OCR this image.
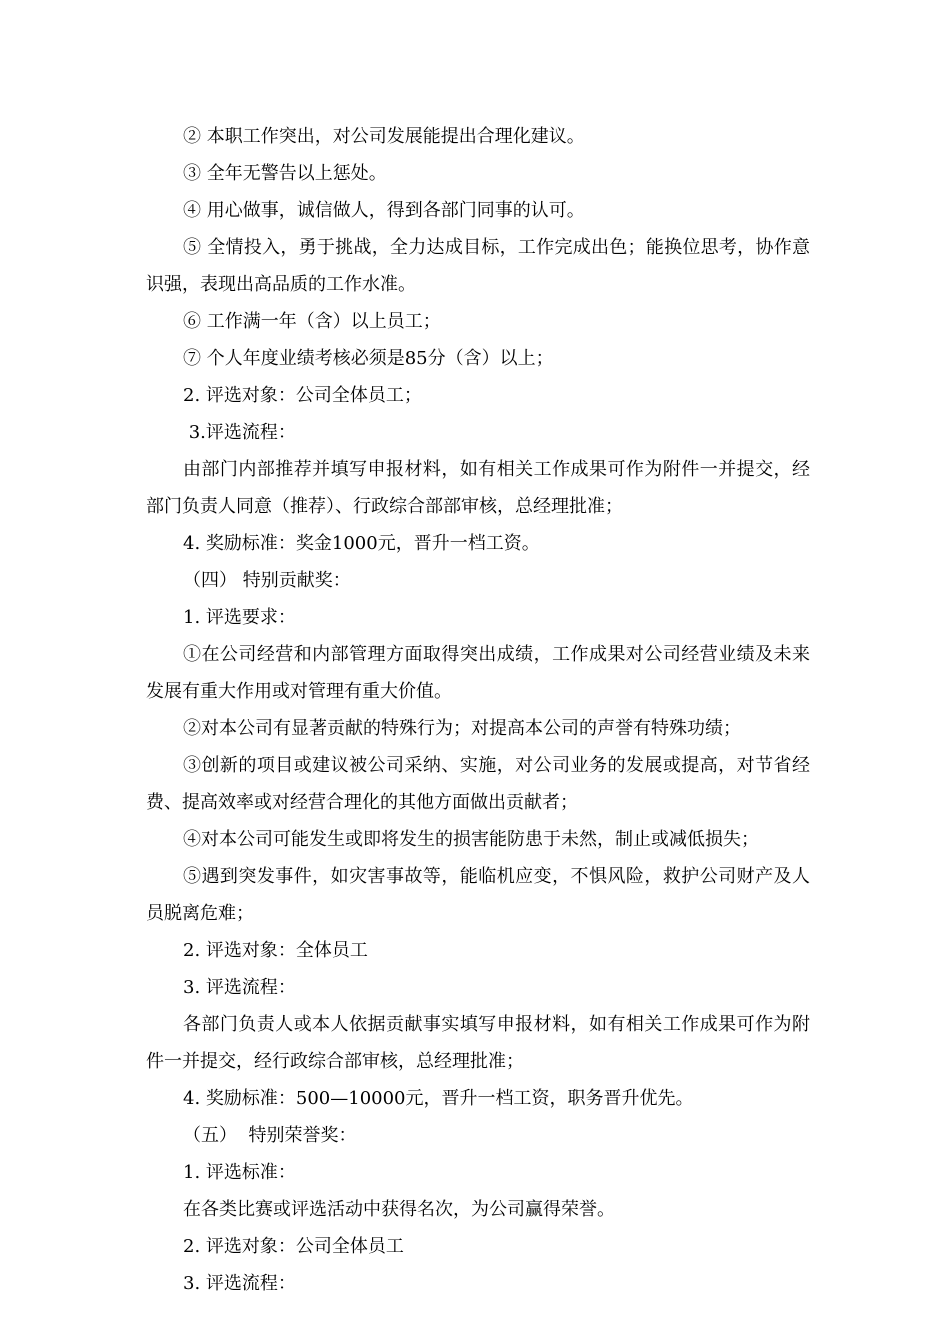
② 本职工作突出，对公司发展能提出合理化建议。

③ 全年无警告以上惩处。

④ 用心做事，诚信做人，得到各部门同事的认可。

⑤ 全情投入，勇于挑战，全力达成目标，工作完成出色；能换位思考，协作意识强，表现出高品质的工作水准。

⑥ 工作满一年（含）以上员工；

⑦ 个人年度业绩考核必须是85分（含）以上；

2. 评选对象：公司全体员工；

3.评选流程：

由部门内部推荐并填写申报材料，如有相关工作成果可作为附件一并提交，经部门负责人同意（推荐）、行政综合部部审核，总经理批准；

4. 奖励标准：奖金1000元，晋升一档工资。

（四） 特别贡献奖：

1. 评选要求：

①在公司经营和内部管理方面取得突出成绩，工作成果对公司经营业绩及未来发展有重大作用或对管理有重大价值。

②对本公司有显著贡献的特殊行为；对提高本公司的声誉有特殊功绩；

③创新的项目或建议被公司采纳、实施，对公司业务的发展或提高，对节省经费、提高效率或对经营合理化的其他方面做出贡献者；

④对本公司可能发生或即将发生的损害能防患于未然，制止或减低损失；

⑤遇到突发事件，如灾害事故等，能临机应变，不惧风险，救护公司财产及人员脱离危难；

2. 评选对象：全体员工

3. 评选流程：

各部门负责人或本人依据贡献事实填写申报材料，如有相关工作成果可作为附件一并提交，经行政综合部审核，总经理批准；

4. 奖励标准：500—10000元，晋升一档工资，职务晋升优先。

（五）  特别荣誉奖：

1. 评选标准：

在各类比赛或评选活动中获得名次，为公司赢得荣誉。

2. 评选对象：公司全体员工

3. 评选流程：
